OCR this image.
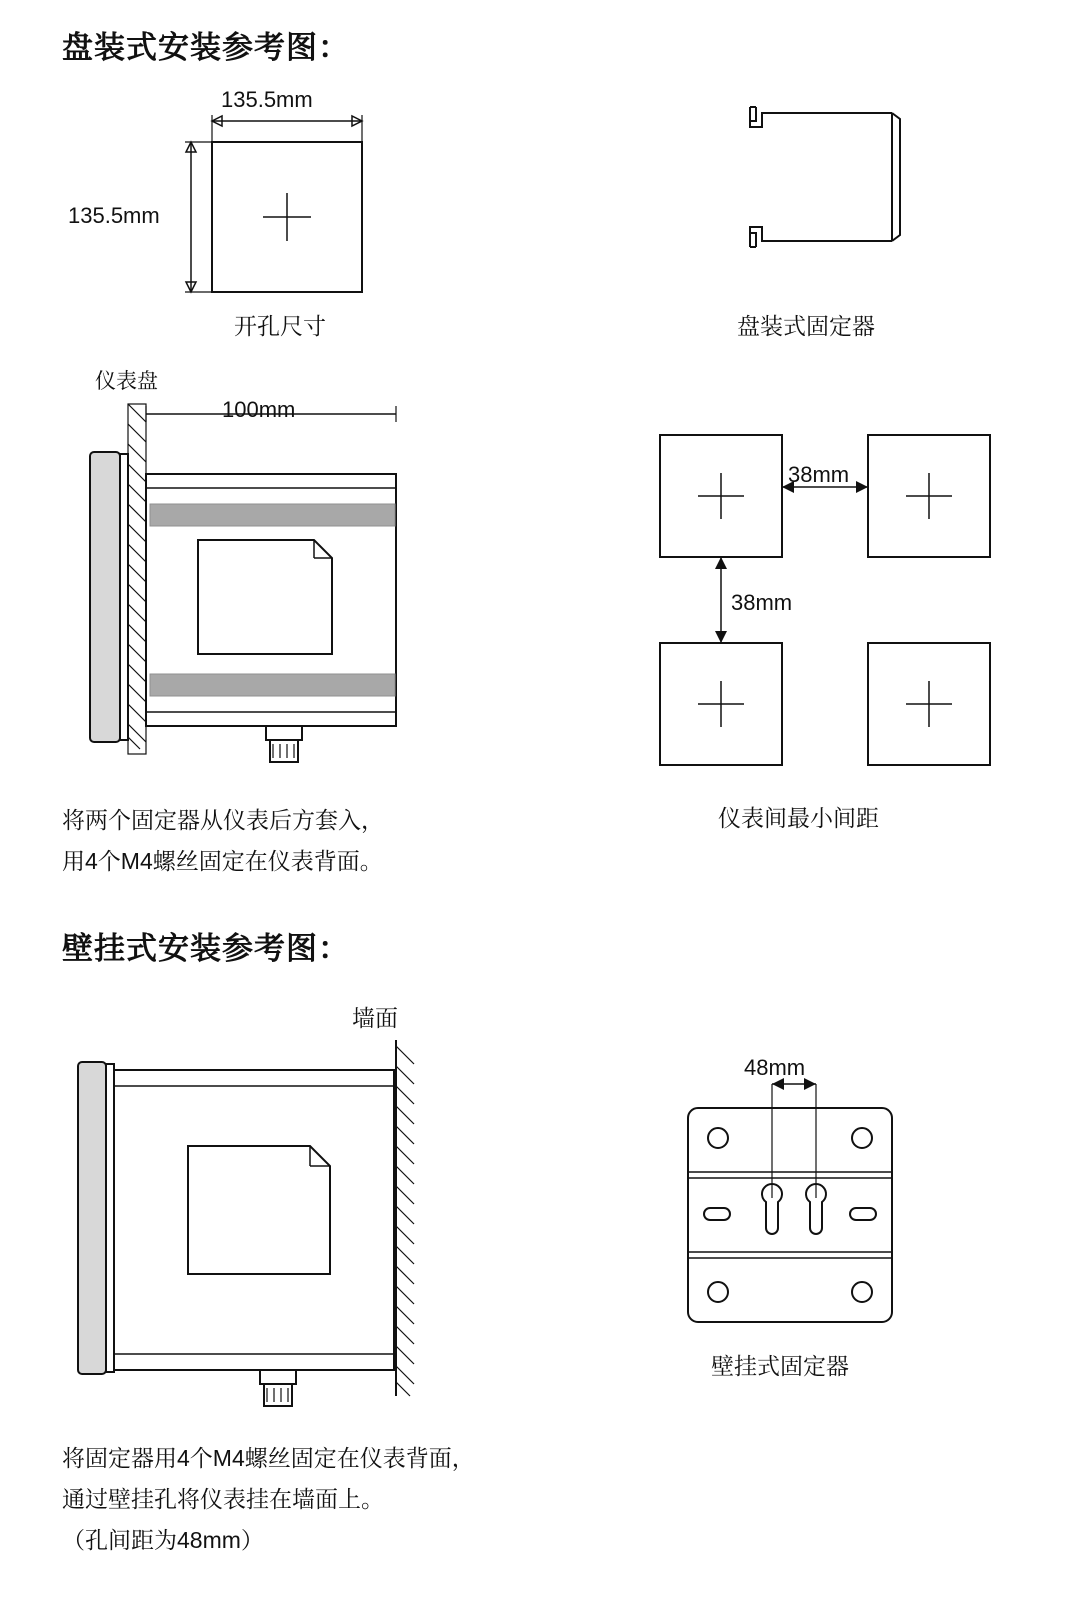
盘装式安装参考图：
135.5mm
135.5mm
开孔尺寸	盘装式固定器
仪表盘
100mm
将两个固定器从仪表后方套入，
用4个M4螺丝固定在仪表背面。
38mm
38mm
仪表间最小间距
壁挂式安装参考图：
墙面
48mm
壁挂式固定器
将固定器用4个M4螺丝固定在仪表背面，
通过壁挂孔将仪表挂在墙面上。
（孔间距为48mm）
